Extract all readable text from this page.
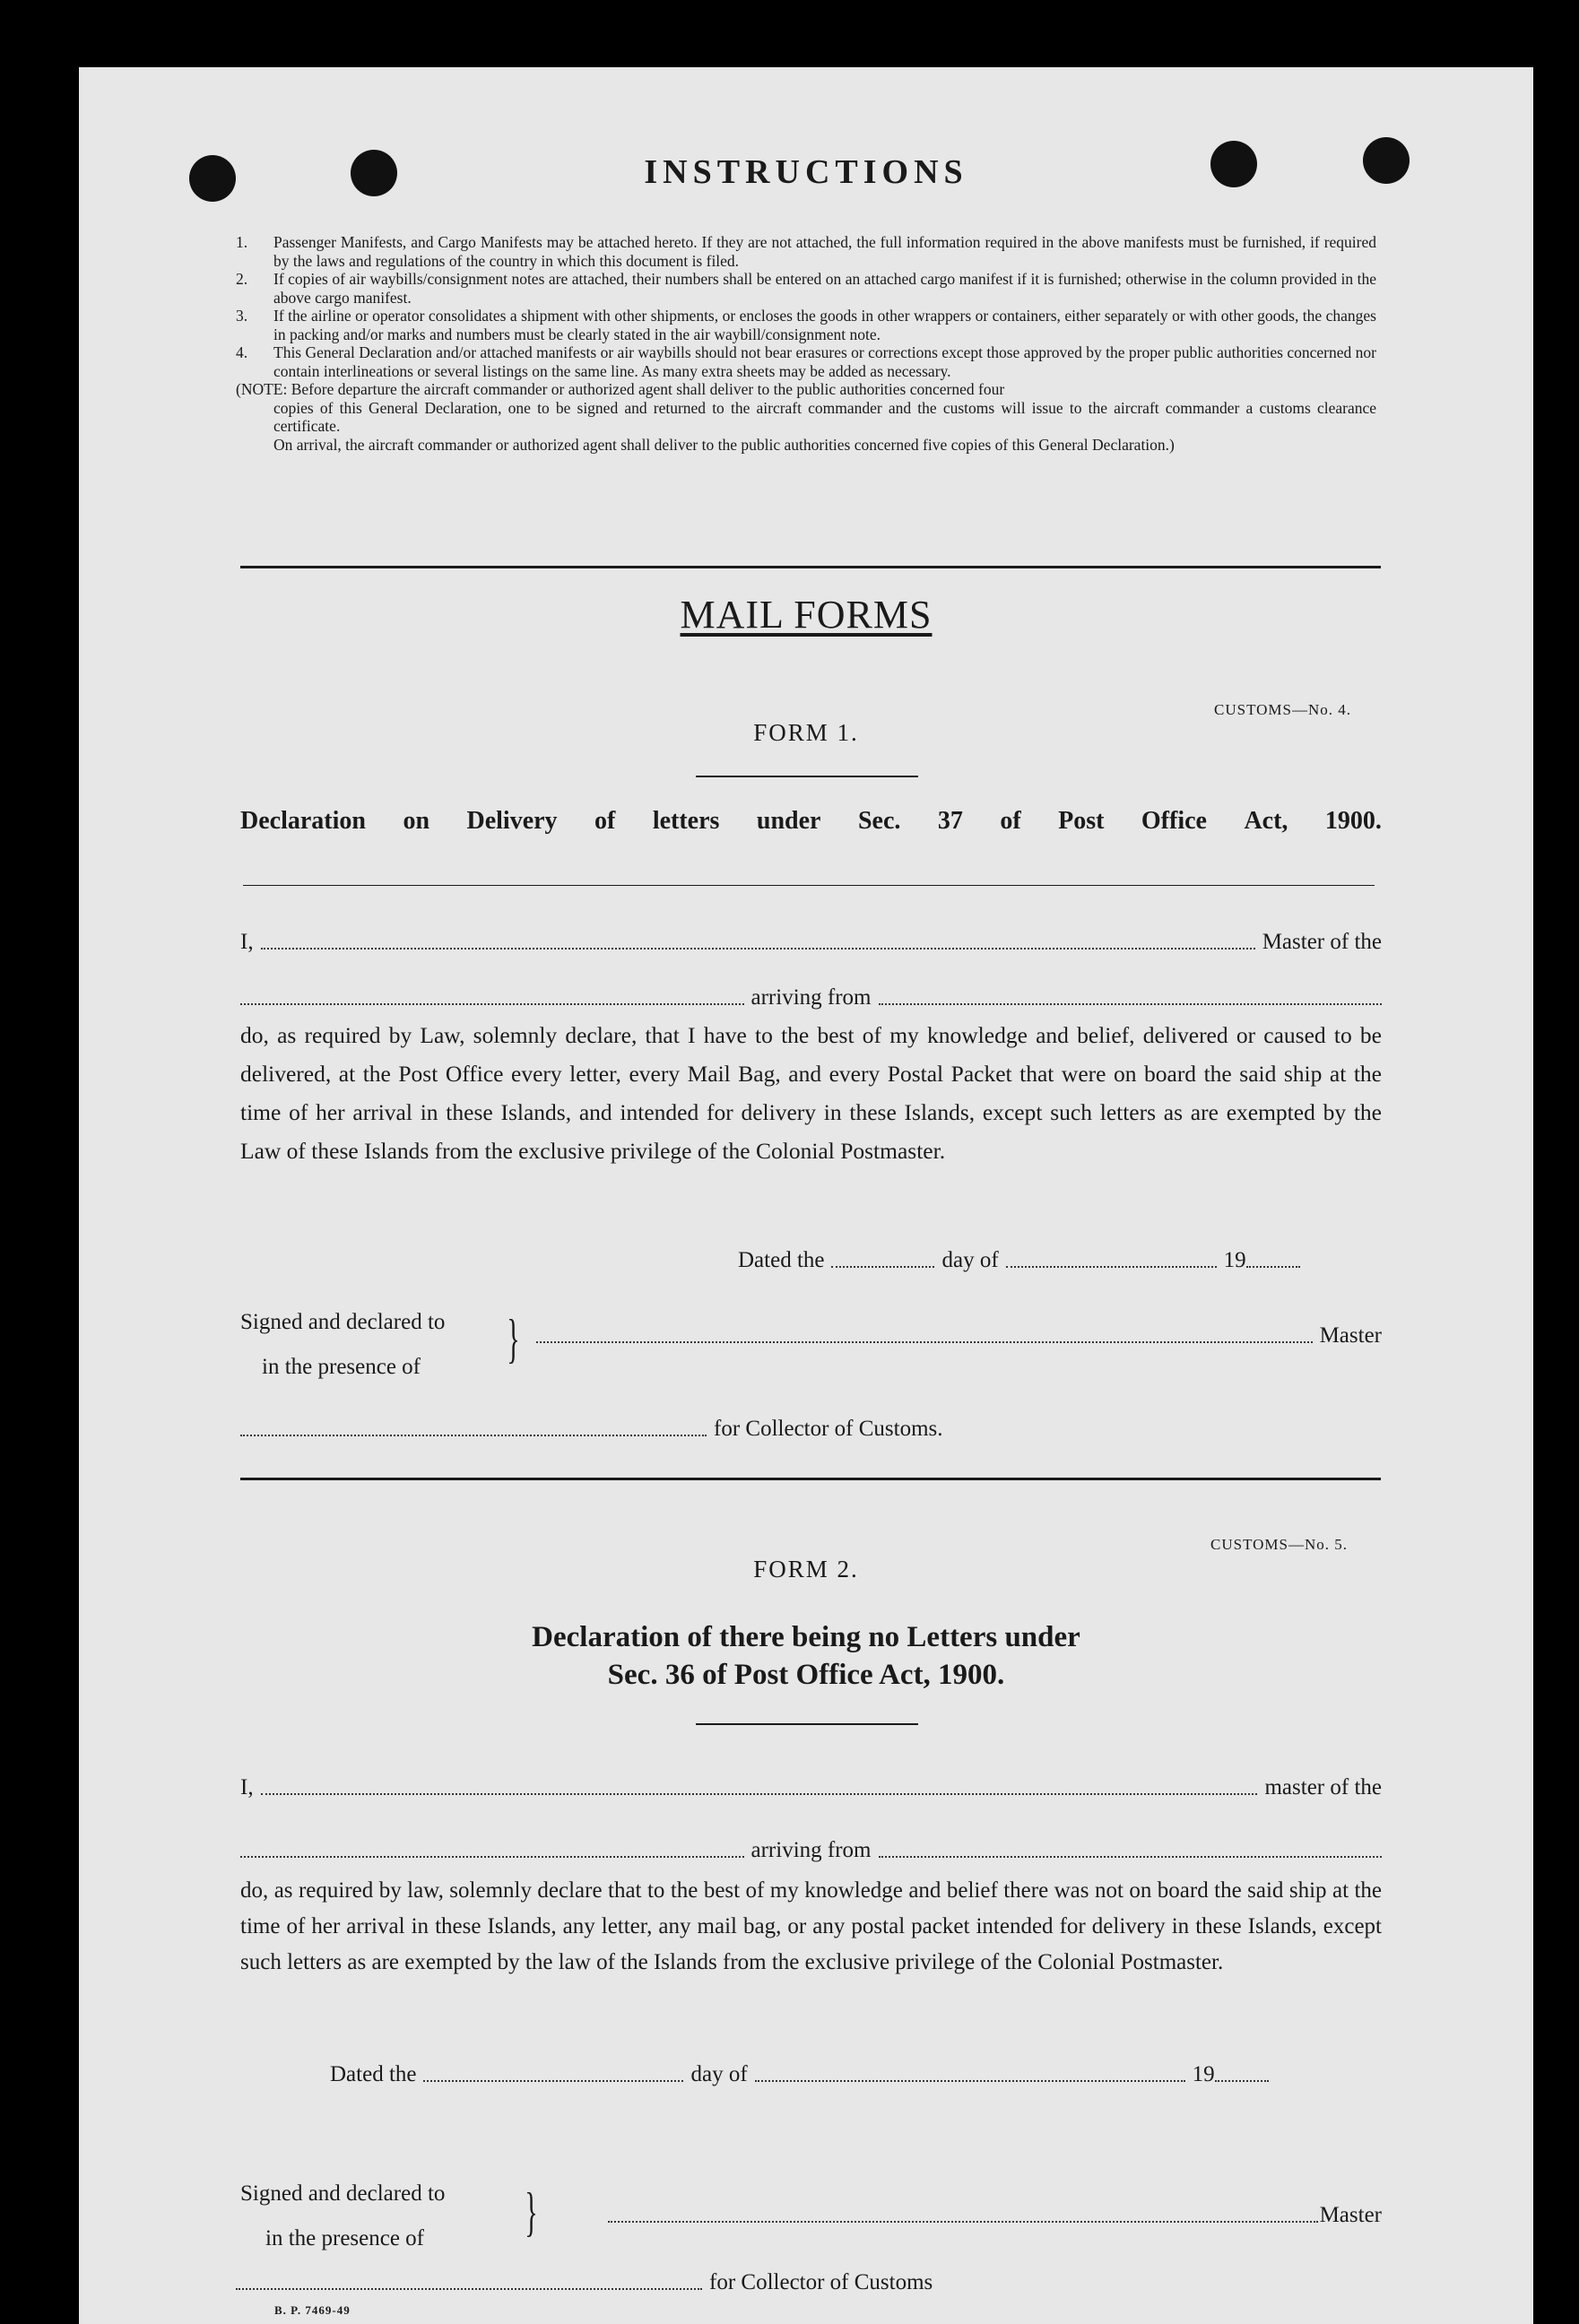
INSTRUCTIONS
1.	Passenger Manifests, and Cargo Manifests may be attached hereto. If they are not attached, the full information required in the above manifests must be furnished, if required by the laws and regulations of the country in which this document is filed.
2.	If copies of air waybills/consignment notes are attached, their numbers shall be entered on an attached cargo manifest if it is furnished; otherwise in the column provided in the above cargo manifest.
3.	If the airline or operator consolidates a shipment with other shipments, or encloses the goods in other wrappers or containers, either separately or with other goods, the changes in packing and/or marks and numbers must be clearly stated in the air waybill/consignment note.
4.	This General Declaration and/or attached manifests or air waybills should not bear erasures or corrections except those approved by the proper public authorities concerned nor contain interlineations or several listings on the same line. As many extra sheets may be added as necessary.
(NOTE: Before departure the aircraft commander or authorized agent shall deliver to the public authorities concerned four
copies of this General Declaration, one to be signed and returned to the aircraft commander and the customs will issue to the aircraft commander a customs clearance certificate.
On arrival, the aircraft commander or authorized agent shall deliver to the public authorities concerned five copies of this General Declaration.)
MAIL FORMS
CUSTOMS—No. 4.
FORM 1.
Declaration on Delivery of letters under Sec. 37 of Post Office Act, 1900.
I,	Master of the
arriving from
do, as required by Law, solemnly declare, that I have to the best of my knowledge and belief, delivered or caused to be delivered, at the Post Office every letter, every Mail Bag, and every Postal Packet that were on board the said ship at the time of her arrival in these Islands, and intended for delivery in these Islands, except such letters as are exempted by the Law of these Islands from the exclusive privilege of the Colonial Postmaster.
Dated the	day of	19
Signed and declared to
in the presence of	}	Master
for Collector of Customs.
CUSTOMS—No. 5.
FORM 2.
Declaration of there being no Letters under
Sec. 36 of Post Office Act, 1900.
I,	master of the
arriving from
do, as required by law, solemnly declare that to the best of my knowledge and belief there was not on board the said ship at the time of her arrival in these Islands, any letter, any mail bag, or any postal packet intended for delivery in these Islands, except such letters as are exempted by the law of the Islands from the exclusive privilege of the Colonial Postmaster.
Dated the	day of	19
Signed and declared to
in the presence of	}	Master
for Collector of Customs
B. P. 7469-49
